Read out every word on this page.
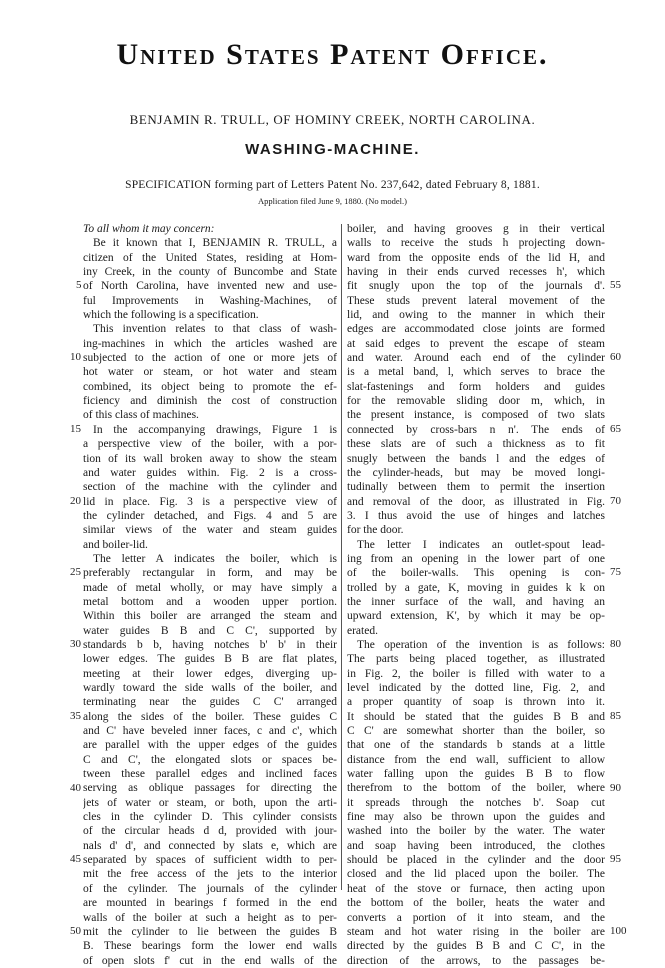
United States Patent Office.
BENJAMIN R. TRULL, OF HOMINY CREEK, NORTH CAROLINA.
WASHING-MACHINE.
SPECIFICATION forming part of Letters Patent No. 237,642, dated February 8, 1881.
Application filed June 9, 1880. (No model.)
To all whom it may concern:
Be it known that I, BENJAMIN R. TRULL, a
citizen of the United States, residing at Hom-
iny Creek, in the county of Buncombe and State
of North Carolina, have invented new and use-
ful Improvements in Washing-Machines, of
which the following is a specification.
This invention relates to that class of wash-
ing-machines in which the articles washed are
subjected to the action of one or more jets of
hot water or steam, or hot water and steam
combined, its object being to promote the ef-
ficiency and diminish the cost of construction
of this class of machines.
In the accompanying drawings, Figure 1 is
a perspective view of the boiler, with a por-
tion of its wall broken away to show the steam
and water guides within. Fig. 2 is a cross-
section of the machine with the cylinder and
lid in place. Fig. 3 is a perspective view of
the cylinder detached, and Figs. 4 and 5 are
similar views of the water and steam guides
and boiler-lid.
The letter A indicates the boiler, which is
preferably rectangular in form, and may be
made of metal wholly, or may have simply a
metal bottom and a wooden upper portion.
Within this boiler are arranged the steam and
water guides B B and C C', supported by
standards b b, having notches b' b' in their
lower edges. The guides B B are flat plates,
meeting at their lower edges, diverging up-
wardly toward the side walls of the boiler, and
terminating near the guides C C' arranged
along the sides of the boiler. These guides C
and C' have beveled inner faces, c and c', which
are parallel with the upper edges of the guides
C and C', the elongated slots or spaces be-
tween these parallel edges and inclined faces
serving as oblique passages for directing the
jets of water or steam, or both, upon the arti-
cles in the cylinder D. This cylinder consists
of the circular heads d d, provided with jour-
nals d' d', and connected by slats e, which are
separated by spaces of sufficient width to per-
mit the free access of the jets to the interior
of the cylinder. The journals of the cylinder
are mounted in bearings f formed in the end
walls of the boiler at such a height as to per-
mit the cylinder to lie between the guides B
B. These bearings form the lower end walls
of open slots f' cut in the end walls of the
boiler, and having grooves g in their vertical
walls to receive the studs h projecting down-
ward from the opposite ends of the lid H, and
having in their ends curved recesses h', which
fit snugly upon the top of the journals d'.
These studs prevent lateral movement of the
lid, and owing to the manner in which their
edges are accommodated close joints are formed
at said edges to prevent the escape of steam
and water. Around each end of the cylinder
is a metal band, l, which serves to brace the
slat-fastenings and form holders and guides
for the removable sliding door m, which, in
the present instance, is composed of two slats
connected by cross-bars n n'. The ends of
these slats are of such a thickness as to fit
snugly between the bands l and the edges of
the cylinder-heads, but may be moved longi-
tudinally between them to permit the insertion
and removal of the door, as illustrated in Fig.
3. I thus avoid the use of hinges and latches
for the door.
The letter I indicates an outlet-spout lead-
ing from an opening in the lower part of one
of the boiler-walls. This opening is con-
trolled by a gate, K, moving in guides k k on
the inner surface of the wall, and having an
upward extension, K', by which it may be op-
erated.
The operation of the invention is as follows:
The parts being placed together, as illustrated
in Fig. 2, the boiler is filled with water to a
level indicated by the dotted line, Fig. 2, and
a proper quantity of soap is thrown into it.
It should be stated that the guides B B and
C C' are somewhat shorter than the boiler, so
that one of the standards b stands at a little
distance from the end wall, sufficient to allow
water falling upon the guides B B to flow
therefrom to the bottom of the boiler, where
it spreads through the notches b'. Soap cut
fine may also be thrown upon the guides and
washed into the boiler by the water. The water
and soap having been introduced, the clothes
should be placed in the cylinder and the door
closed and the lid placed upon the boiler. The
heat of the stove or furnace, then acting upon
the bottom of the boiler, heats the water and
converts a portion of it into steam, and the
steam and hot water rising in the boiler are
directed by the guides B B and C C', in the
direction of the arrows, to the passages be-
5
10
15
20
25
30
35
40
45
50
55
60
65
70
75
80
85
90
95
100
